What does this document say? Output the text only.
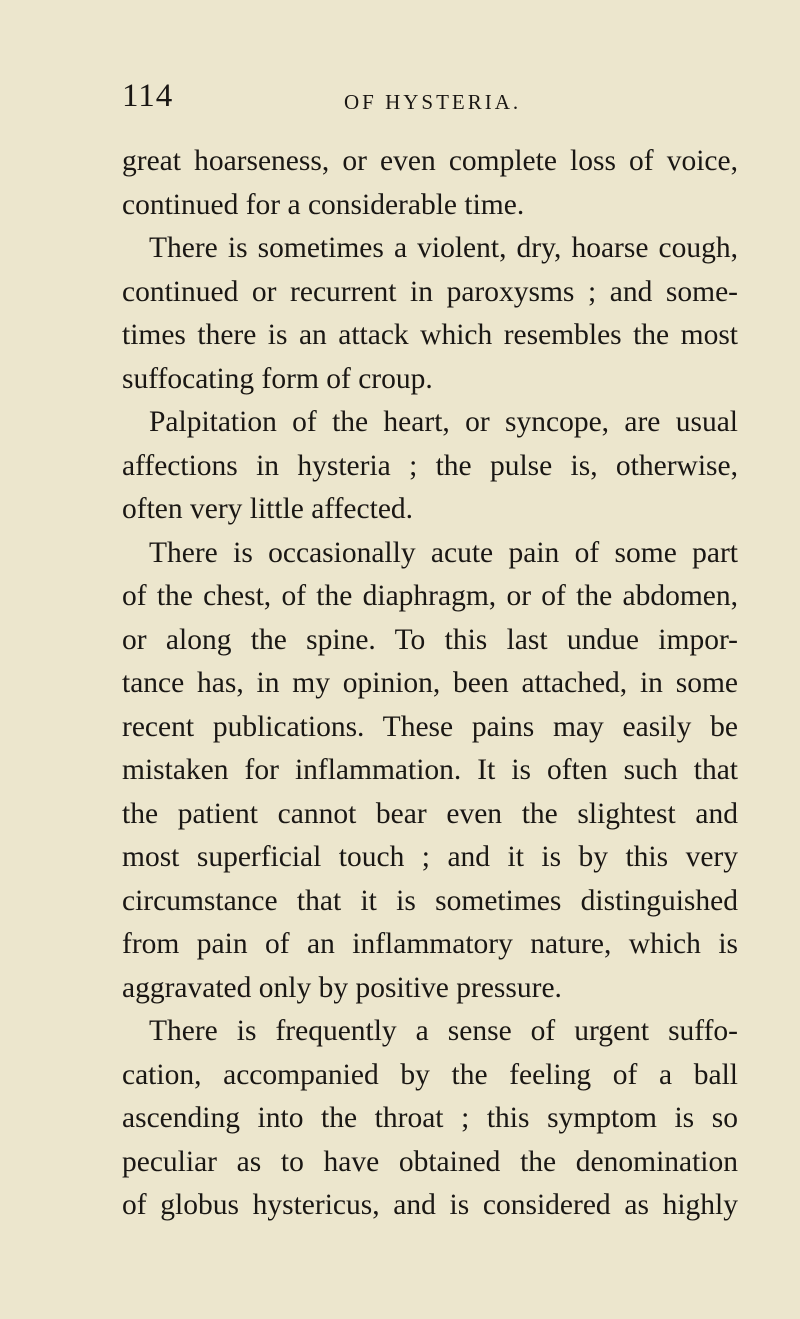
114	OF HYSTERIA.
great hoarseness, or even complete loss of voice,
continued for a considerable time.
There is sometimes a violent, dry, hoarse cough,
continued or recurrent in paroxysms ; and some-
times there is an attack which resembles the most
suffocating form of croup.
Palpitation of the heart, or syncope, are usual
affections in hysteria ; the pulse is, otherwise,
often very little affected.
There is occasionally acute pain of some part
of the chest, of the diaphragm, or of the abdomen,
or along the spine. To this last undue impor-
tance has, in my opinion, been attached, in some
recent publications. These pains may easily be
mistaken for inflammation. It is often such that
the patient cannot bear even the slightest and
most superficial touch ; and it is by this very
circumstance that it is sometimes distinguished
from pain of an inflammatory nature, which is
aggravated only by positive pressure.
There is frequently a sense of urgent suffo-
cation, accompanied by the feeling of a ball
ascending into the throat ; this symptom is so
peculiar as to have obtained the denomination
of globus hystericus, and is considered as highly
